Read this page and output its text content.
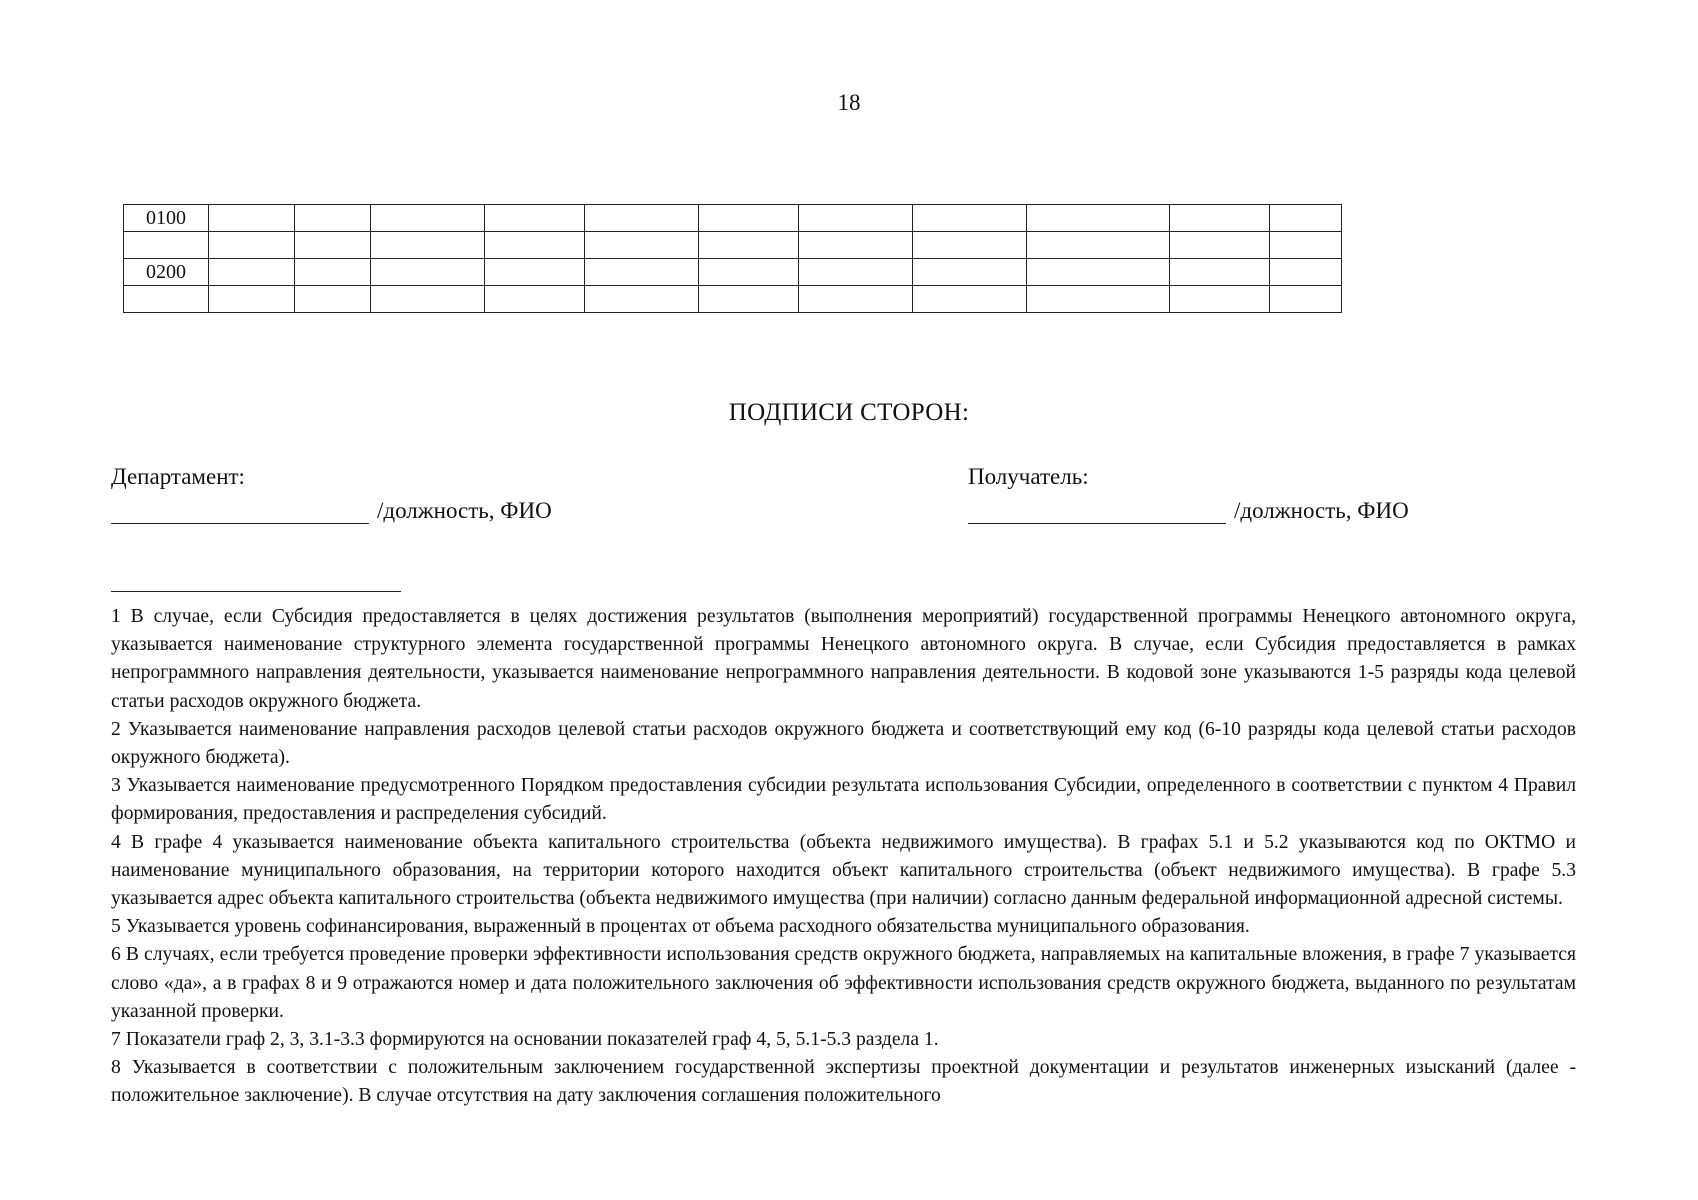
18
0100											

0200											

ПОДПИСИ СТОРОН:
Департамент:
/должность, ФИО
Получатель:
/должность, ФИО

1 В случае, если Субсидия предоставляется в целях достижения результатов (выполнения мероприятий) государственной программы Ненецкого автономного округа, указывается наименование структурного элемента государственной программы Ненецкого автономного округа. В случае, если Субсидия предоставляется в рамках непрограммного направления деятельности, указывается наименование непрограммного направления деятельности. В кодовой зоне указываются 1-5 разряды кода целевой статьи расходов окружного бюджета.

2 Указывается наименование направления расходов целевой статьи расходов окружного бюджета и соответствующий ему код (6-10 разряды кода целевой статьи расходов окружного бюджета).

3 Указывается наименование предусмотренного Порядком предоставления субсидии результата использования Субсидии, определенного в соответствии с пунктом 4 Правил формирования, предоставления и распределения субсидий.

4 В графе 4 указывается наименование объекта капитального строительства (объекта недвижимого имущества). В графах 5.1 и 5.2 указываются код по ОКТМО и наименование муниципального образования, на территории которого находится объект капитального строительства (объект недвижимого имущества). В графе 5.3 указывается адрес объекта капитального строительства (объекта недвижимого имущества (при наличии) согласно данным федеральной информационной адресной системы.

5 Указывается уровень софинансирования, выраженный в процентах от объема расходного обязательства муниципального образования.

6 В случаях, если требуется проведение проверки эффективности использования средств окружного бюджета, направляемых на капитальные вложения, в графе 7 указывается слово «да», а в графах 8 и 9 отражаются номер и дата положительного заключения об эффективности использования средств окружного бюджета, выданного по результатам указанной проверки.

7 Показатели граф 2, 3, 3.1-3.3 формируются на основании показателей граф 4, 5, 5.1-5.3 раздела 1.

8 Указывается в соответствии с положительным заключением государственной экспертизы проектной документации и результатов инженерных изысканий (далее - положительное заключение). В случае отсутствия на дату заключения соглашения положительного
